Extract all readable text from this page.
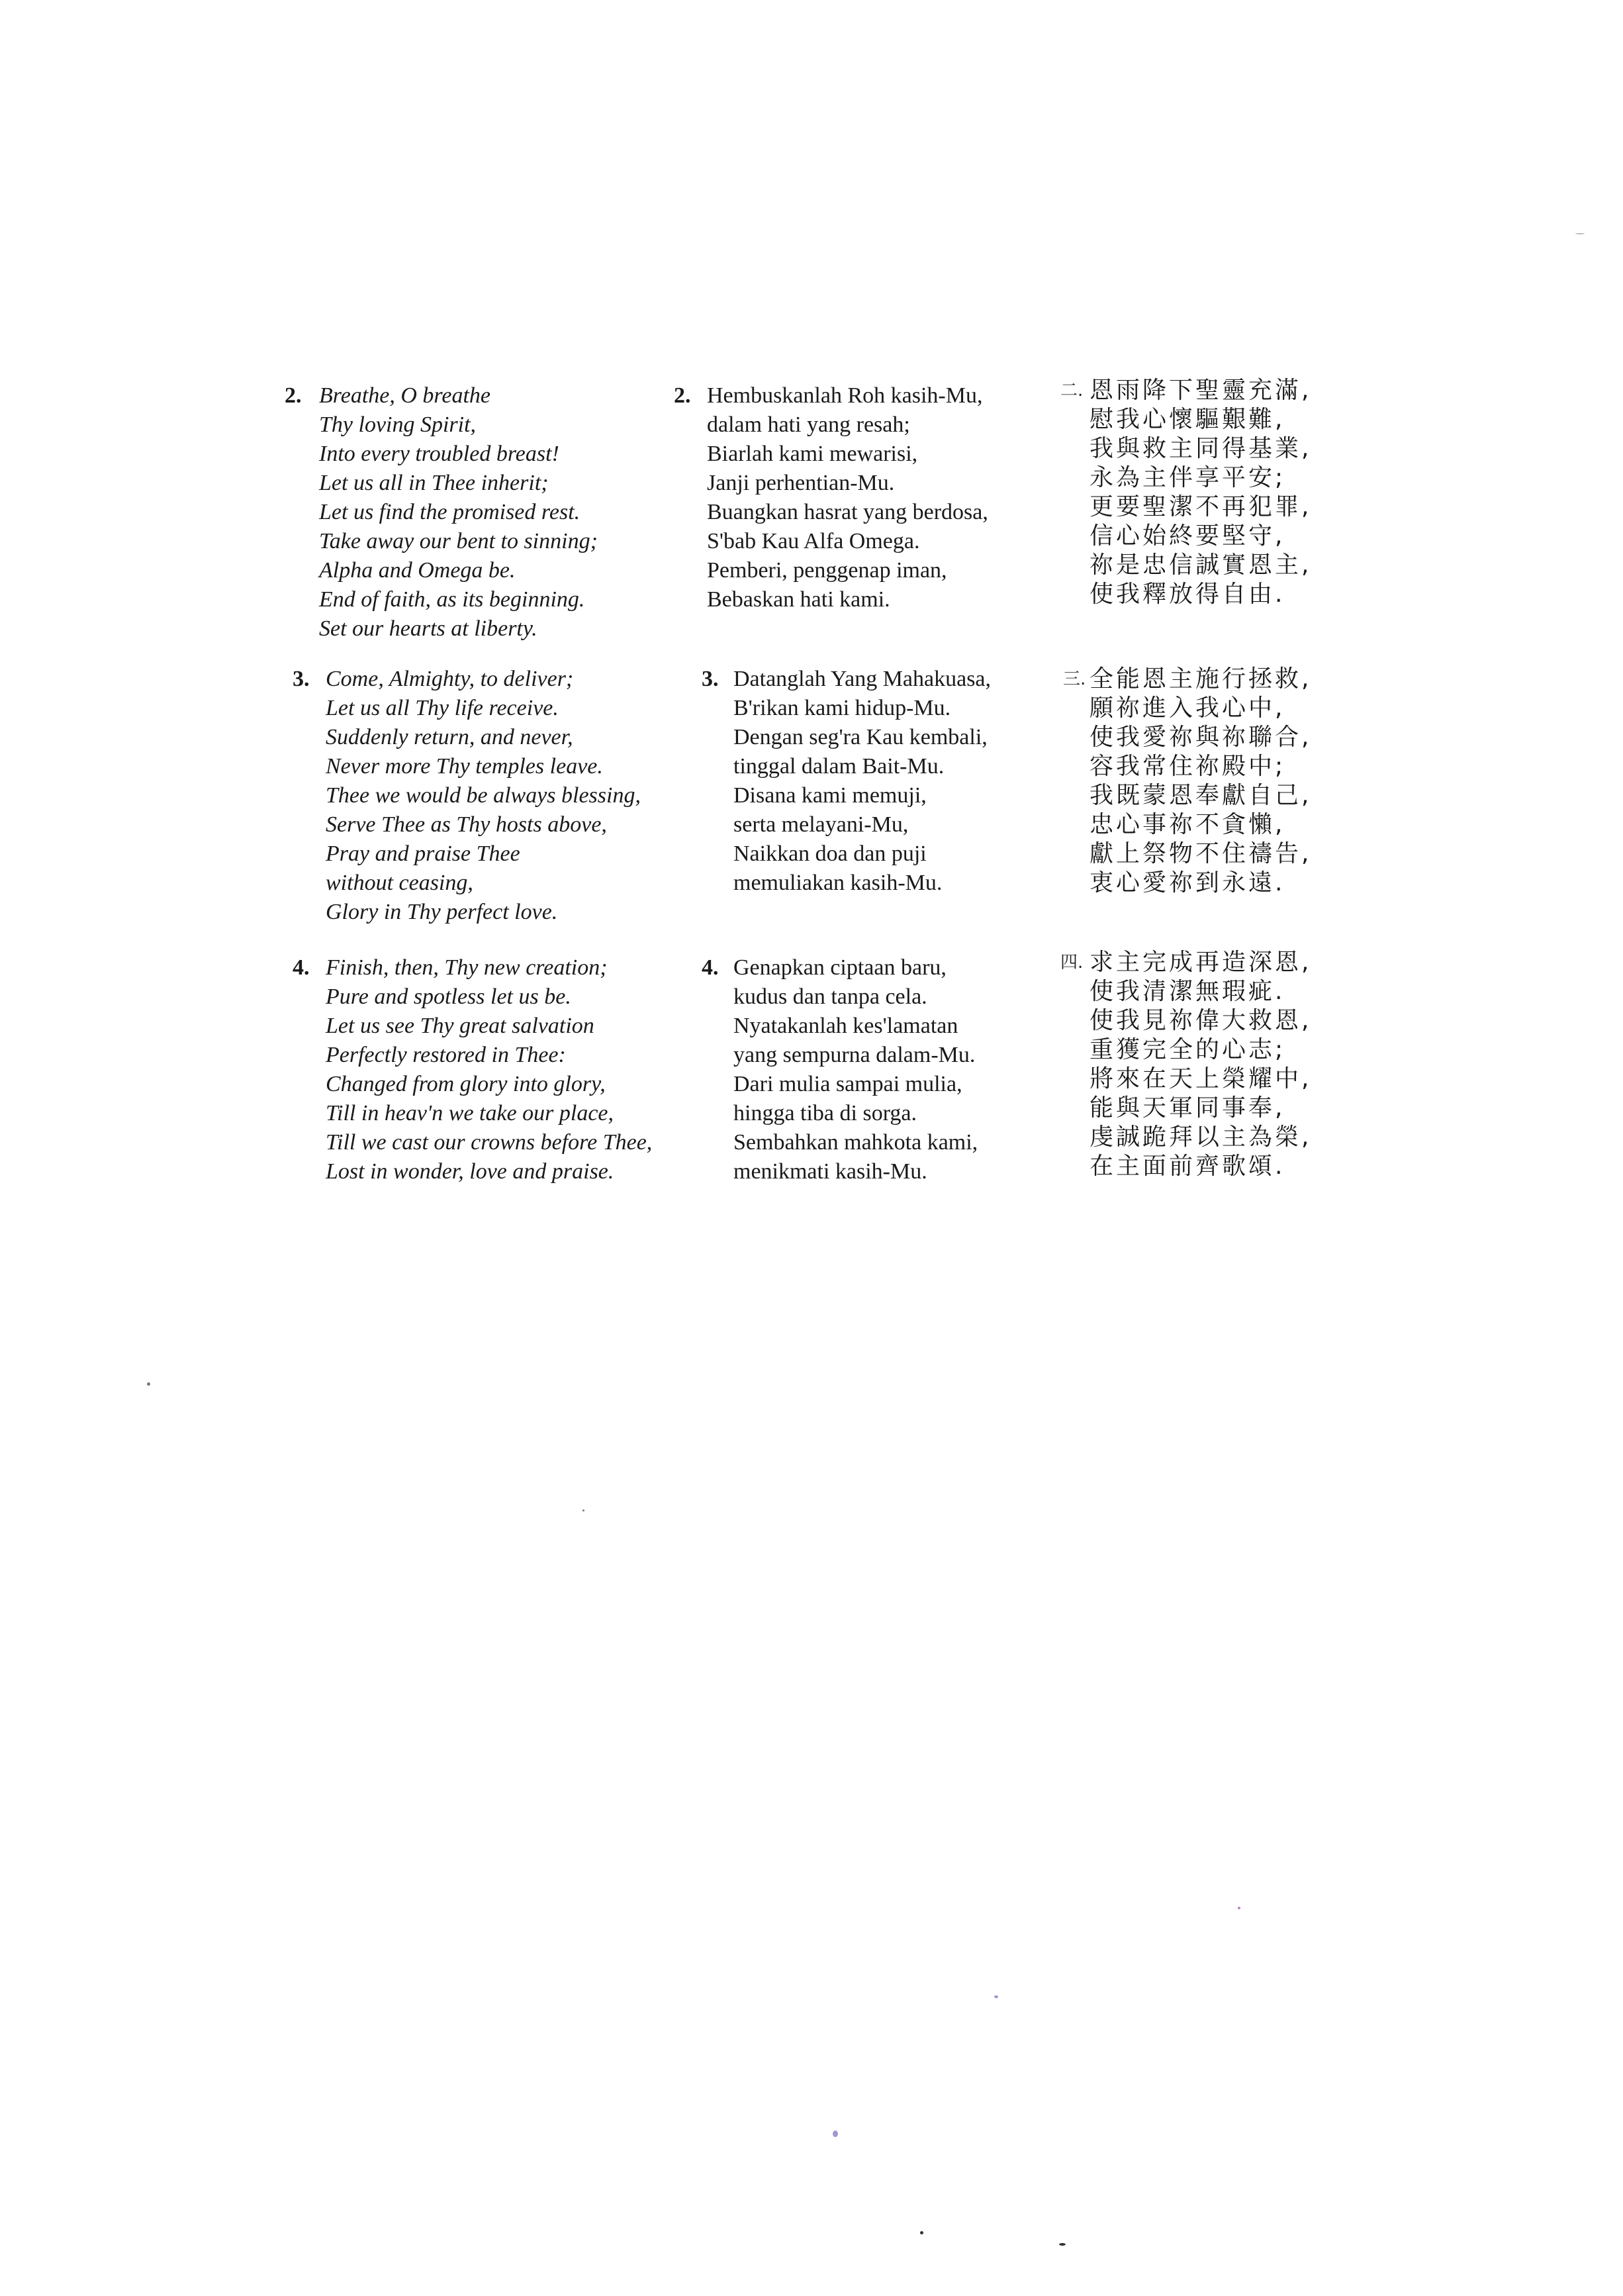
2. Breathe, O breathe
Thy loving Spirit,
Into every troubled breast!
Let us all in Thee inherit;
Let us find the promised rest.
Take away our bent to sinning;
Alpha and Omega be.
End of faith, as its beginning.
Set our hearts at liberty.
3. Come, Almighty, to deliver;
Let us all Thy life receive.
Suddenly return, and never,
Never more Thy temples leave.
Thee we would be always blessing,
Serve Thee as Thy hosts above,
Pray and praise Thee
without ceasing,
Glory in Thy perfect love.
4. Finish, then, Thy new creation;
Pure and spotless let us be.
Let us see Thy great salvation
Perfectly restored in Thee:
Changed from glory into glory,
Till in heav'n we take our place,
Till we cast our crowns before Thee,
Lost in wonder, love and praise.
2. Hembuskanlah Roh kasih-Mu,
dalam hati yang resah;
Biarlah kami mewarisi,
Janji perhentian-Mu.
Buangkan hasrat yang berdosa,
S'bab Kau Alfa Omega.
Pemberi, penggenap iman,
Bebaskan hati kami.
3. Datanglah Yang Mahakuasa,
B'rikan kami hidup-Mu.
Dengan seg'ra Kau kembali,
tinggal dalam Bait-Mu.
Disana kami memuji,
serta melayani-Mu,
Naikkan doa dan puji
memuliakan kasih-Mu.
4. Genapkan ciptaan baru,
kudus dan tanpa cela.
Nyatakanlah kes'lamatan
yang sempurna dalam-Mu.
Dari mulia sampai mulia,
hingga tiba di sorga.
Sembahkan mahkota kami,
menikmati kasih-Mu.
二. 恩雨降下聖靈充滿,
慰我心懷驅艱難,
我與救主同得基業,
永為主伴享平安;
更要聖潔不再犯罪,
信心始終要堅守,
祢是忠信誠實恩主,
使我釋放得自由.
三. 全能恩主施行拯救,
願祢進入我心中,
使我愛祢與祢聯合,
容我常住祢殿中;
我既蒙恩奉獻自己,
忠心事祢不貪懶,
獻上祭物不住禱告,
衷心愛祢到永遠.
四. 求主完成再造深恩,
使我清潔無瑕疵.
使我見祢偉大救恩,
重獲完全的心志;
將來在天上榮耀中,
能與天軍同事奉,
虔誠跪拜以主為榮,
在主面前齊歌頌.
